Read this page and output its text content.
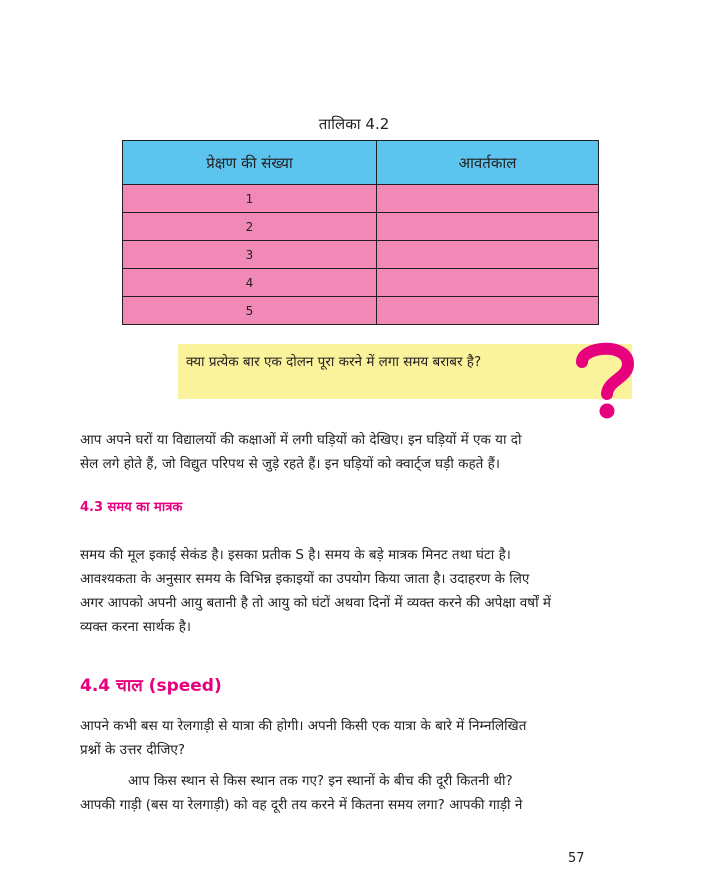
तालिका 4.2
प्रेक्षण की संख्या	आवर्तकाल
1	
2	
3	
4	
5	
क्या प्रत्येक बार एक दोलन पूरा करने में लगा समय बराबर है?
आप अपने घरों या विद्यालयों की कक्षाओं में लगी घड़ियों को देखिए। इन घड़ियों में एक या दो
सेल लगे होते हैं, जो विद्युत परिपथ से जुड़े रहते हैं। इन घड़ियों को क्वार्ट्ज घड़ी कहते हैं।
4.3 समय का मात्रक
समय की मूल इकाई सेकंड है। इसका प्रतीक S है। समय के बड़े मात्रक मिनट तथा घंटा है।
आवश्यकता के अनुसार समय के विभिन्न इकाइयों का उपयोग किया जाता है। उदाहरण के लिए
अगर आपको अपनी आयु बतानी है तो आयु को घंटों अथवा दिनों में व्यक्त करने की अपेक्षा वर्षों में
व्यक्त करना सार्थक है।
4.4 चाल (speed)
आपने कभी बस या रेलगाड़ी से यात्रा की होगी। अपनी किसी एक यात्रा के बारे में निम्नलिखित
प्रश्नों के उत्तर दीजिए?
आप किस स्थान से किस स्थान तक गए? इन स्थानों के बीच की दूरी कितनी थी?
आपकी गाड़ी (बस या रेलगाड़ी) को वह दूरी तय करने में कितना समय लगा? आपकी गाड़ी ने
57
